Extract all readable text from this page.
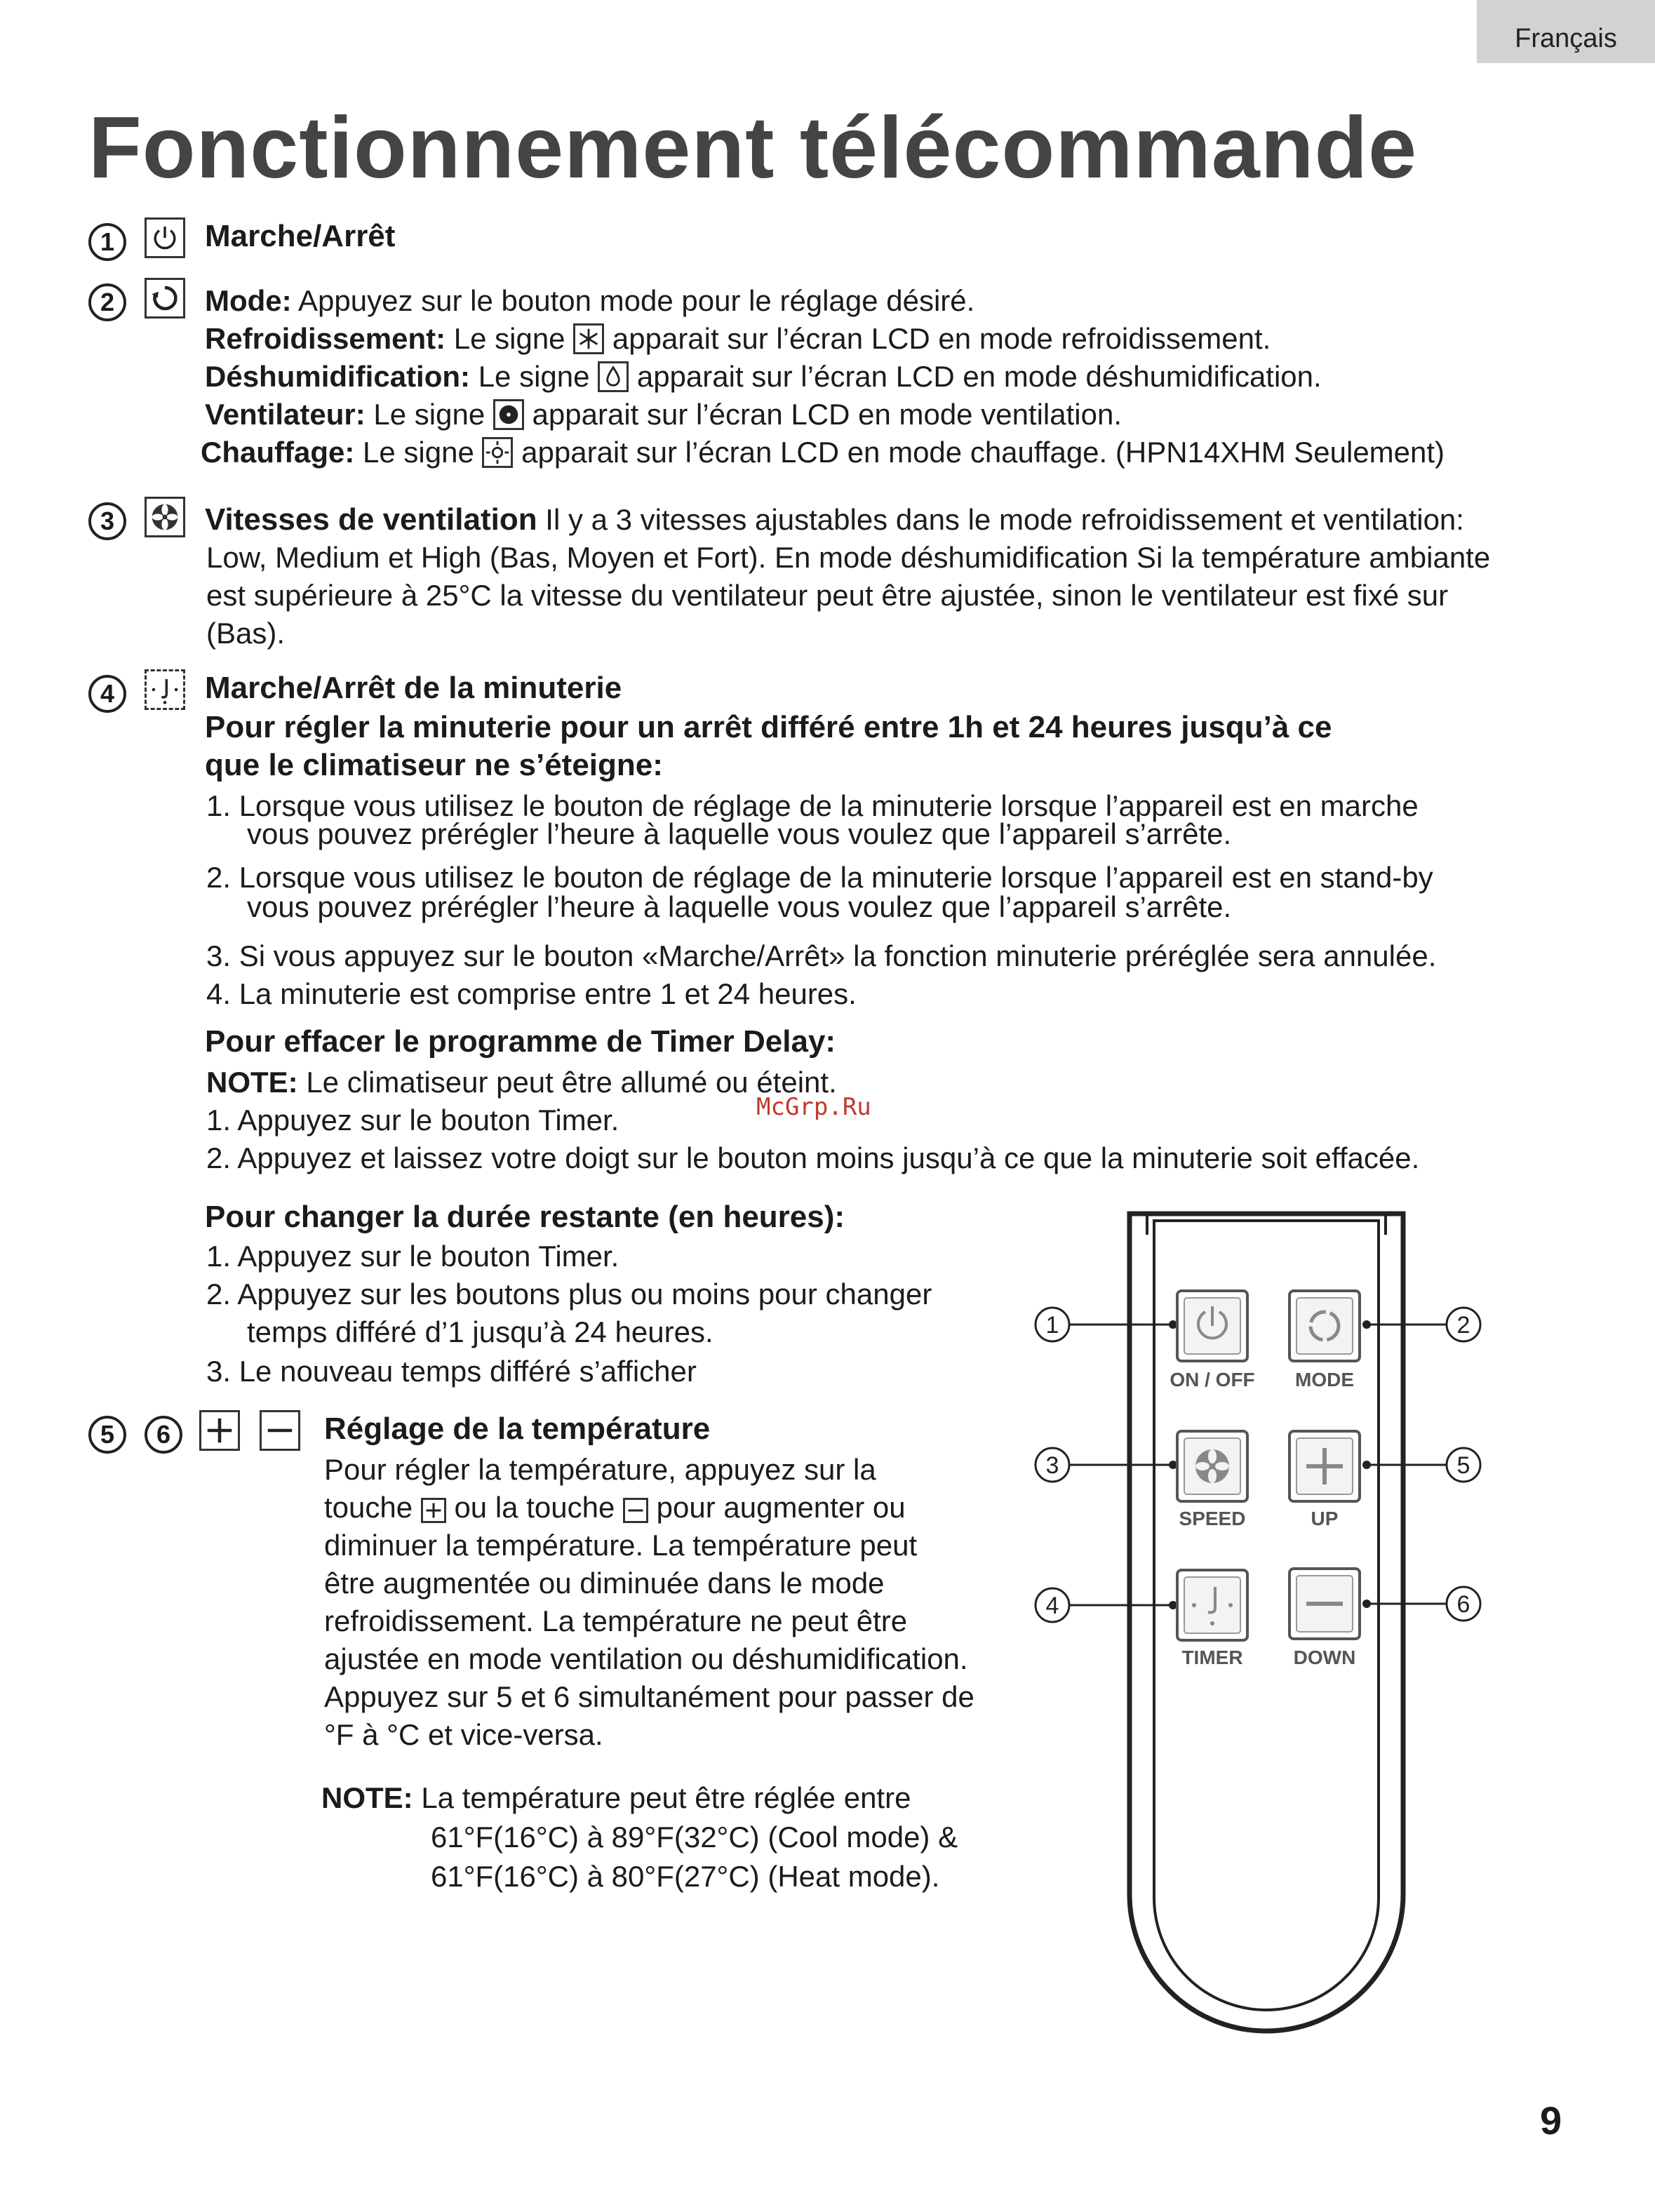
Français
Fonctionnement télécommande
1	Marche/Arrêt
2	Mode: Appuyez sur le bouton mode pour le réglage désiré.
Refroidissement: Le signe apparait sur l’écran LCD en mode refroidissement.
Déshumidification: Le signe apparait sur l’écran LCD en mode déshumidification.
Ventilateur: Le signe apparait sur l’écran LCD en mode ventilation.
Chauffage: Le signe apparait sur l’écran LCD en mode chauffage. (HPN14XHM Seulement)
3	Vitesses de ventilation Il y a 3 vitesses ajustables dans le mode refroidissement et ventilation:
Low, Medium et High (Bas, Moyen et Fort). En mode déshumidification Si la température ambiante
est supérieure à 25°C la vitesse du ventilateur peut être ajustée, sinon le ventilateur est fixé sur
(Bas).
4	Marche/Arrêt de la minuterie
Pour régler la minuterie pour un arrêt différé entre 1h et 24 heures jusqu’à ce
que le climatiseur ne s’éteigne:
1. Lorsque vous utilisez le bouton de réglage de la minuterie lorsque l’appareil est en marche
vous pouvez prérégler l’heure à laquelle vous voulez que l’appareil s’arrête.
2. Lorsque vous utilisez le bouton de réglage de la minuterie lorsque l’appareil est en stand-by
vous pouvez prérégler l’heure à laquelle vous voulez que l’appareil s’arrête.
3. Si vous appuyez sur le bouton «Marche/Arrêt» la fonction minuterie préréglée sera annulée.
4. La minuterie est comprise entre 1 et 24 heures.
Pour effacer le programme de Timer Delay:
NOTE: Le climatiseur peut être allumé ou éteint.
McGrp.Ru
1. Appuyez sur le bouton Timer.
2. Appuyez et laissez votre doigt sur le bouton moins jusqu’à ce que la minuterie soit effacée.
Pour changer la durée restante (en heures):
1. Appuyez sur le bouton Timer.
2. Appuyez sur les boutons plus ou moins pour changer
temps différé d’1 jusqu’à 24 heures.
3. Le nouveau temps différé s’afficher
5	6	Réglage de la température
Pour régler la température, appuyez sur la
touche ou la touche pour augmenter ou
diminuer la température. La température peut
être augmentée ou diminuée dans le mode
refroidissement. La température ne peut être
ajustée en mode ventilation ou déshumidification.
Appuyez sur 5 et 6 simultanément pour passer de
°F à °C et vice-versa.
NOTE: La température peut être réglée entre
61°F(16°C) à 89°F(32°C) (Cool mode) &
61°F(16°C) à 80°F(27°C) (Heat mode).
1	2
3	5
4	6
ON / OFF MODE
SPEED	UP
TIMER	DOWN
9
